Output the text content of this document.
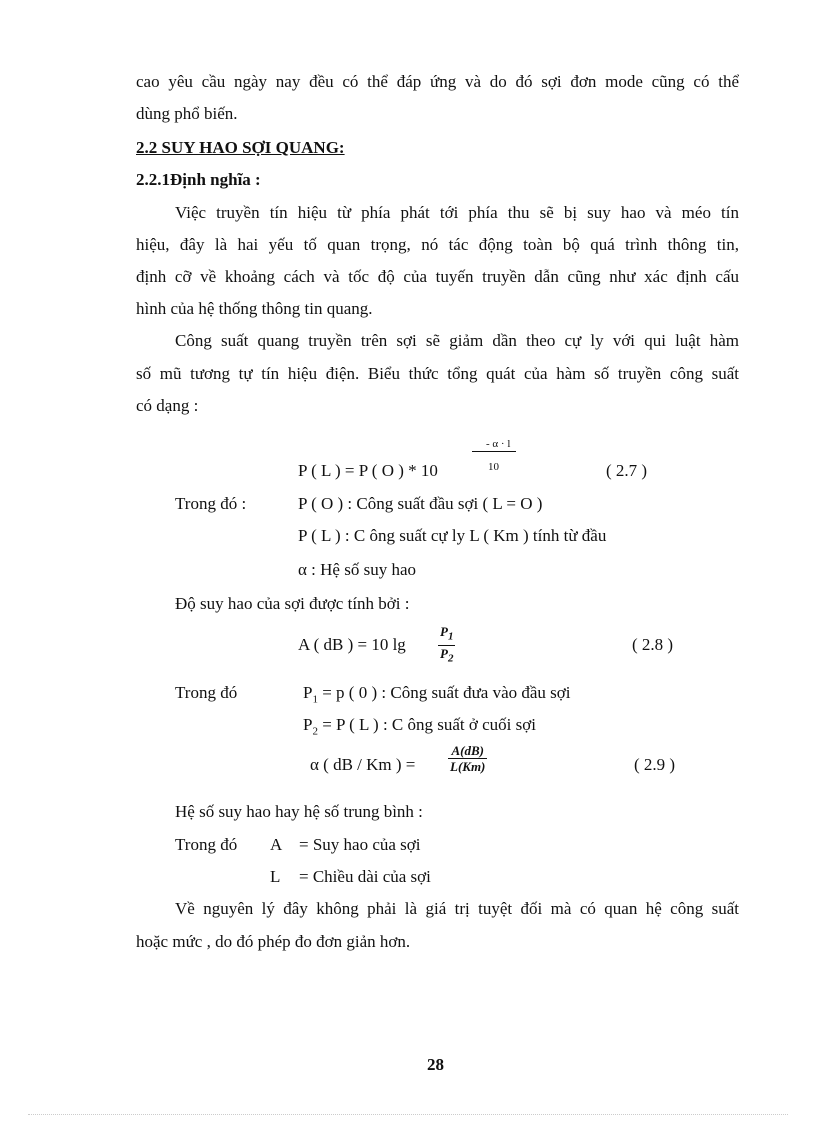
cao yêu cầu ngày nay đều có thể đáp ứng và do đó sợi đơn mode cũng có thể
dùng phổ biến.
2.2 SUY HAO SỢI QUANG:
2.2.1Định nghĩa :
Việc truyền tín hiệu từ phía phát tới phía thu sẽ bị suy hao và méo tín
hiệu, đây là hai yếu tố quan trọng, nó tác động toàn bộ quá trình thông tin,
định cỡ về khoảng cách và tốc độ của tuyến truyền dẫn cũng như xác định cấu
hình của hệ thống thông tin quang.
Công suất quang truyền trên sợi sẽ giảm dần theo cự ly với qui luật hàm
số mũ tương tự tín hiệu điện. Biểu thức tổng quát của hàm số truyền công suất
có dạng :
- α · l
10
P ( L ) = P ( O ) * 10	( 2.7 )
Trong đó :	P ( O ) : Công suất đầu sợi ( L = O )
P ( L ) : C ông suất cự ly L ( Km ) tính từ đầu
α : Hệ số suy hao
Độ suy hao của sợi được tính bởi :
A ( dB ) = 10 $\lg \frac{P_1}{P_2}$	( 2.8 )
Trong đó	$P_1 = p$ ( 0 ) : Công suất đưa vào đầu sợi
$P_2 = P$ ( L ) : C ông suất ở cuối sợi
α ( dB / Km ) =	$\frac{A(dB)}{L(Km)}$	( 2.9 )
Hệ số suy hao hay hệ số trung bình :
Trong đó A = Suy hao của sợi
L = Chiều dài của sợi
Về nguyên lý đây không phải là giá trị tuyệt đối mà có quan hệ công suất
hoặc mức , do đó phép đo đơn giản hơn.
28
